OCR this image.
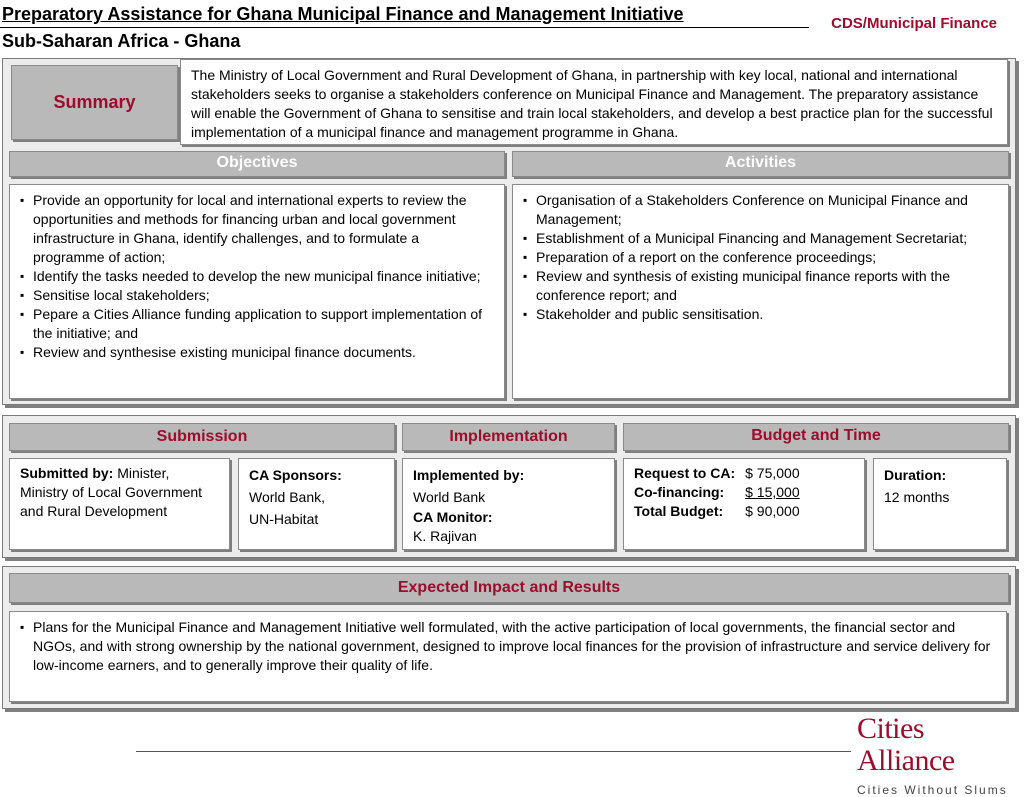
Preparatory Assistance for Ghana Municipal Finance and Management Initiative
Sub-Saharan Africa - Ghana
CDS/Municipal Finance
Summary
The Ministry of Local Government and Rural Development of Ghana, in partnership with key local, national and international stakeholders seeks to organise a stakeholders conference on Municipal Finance and Management. The preparatory assistance will enable the Government of Ghana to sensitise and train local stakeholders, and develop a best practice plan for the successful implementation of a municipal finance and management programme in Ghana.
Objectives	Activities
▪ Provide an opportunity for local and international experts to review the opportunities and methods for financing urban and local government infrastructure in Ghana, identify challenges, and to formulate a programme of action;
▪ Identify the tasks needed to develop the new municipal finance initiative;
▪ Sensitise local stakeholders;
▪ Pepare a Cities Alliance funding application to support implementation of the initiative; and
▪ Review and synthesise existing municipal finance documents.
▪ Organisation of a Stakeholders Conference on Municipal Finance and Management;
▪ Establishment of a Municipal Financing and Management Secretariat;
▪ Preparation of a report on the conference proceedings;
▪ Review and synthesis of existing municipal finance reports with the conference report; and
▪ Stakeholder and public sensitisation.
Submission	Implementation	Budget and Time
Submitted by: Minister, Ministry of Local Government and Rural Development
CA Sponsors:
World Bank,
UN-Habitat
Implemented by:
World Bank
CA Monitor:
K. Rajivan
Request to CA:	$ 75,000
Co-financing:	$ 15,000
Total Budget:	$ 90,000
Duration:
12 months
Expected Impact and Results
▪ Plans for the Municipal Finance and Management Initiative well formulated, with the active participation of local governments, the financial sector and NGOs, and with strong ownership by the national government, designed to improve local finances for the provision of infrastructure and service delivery for low-income earners, and to generally improve their quality of life.
Cities Alliance
Cities Without Slums
